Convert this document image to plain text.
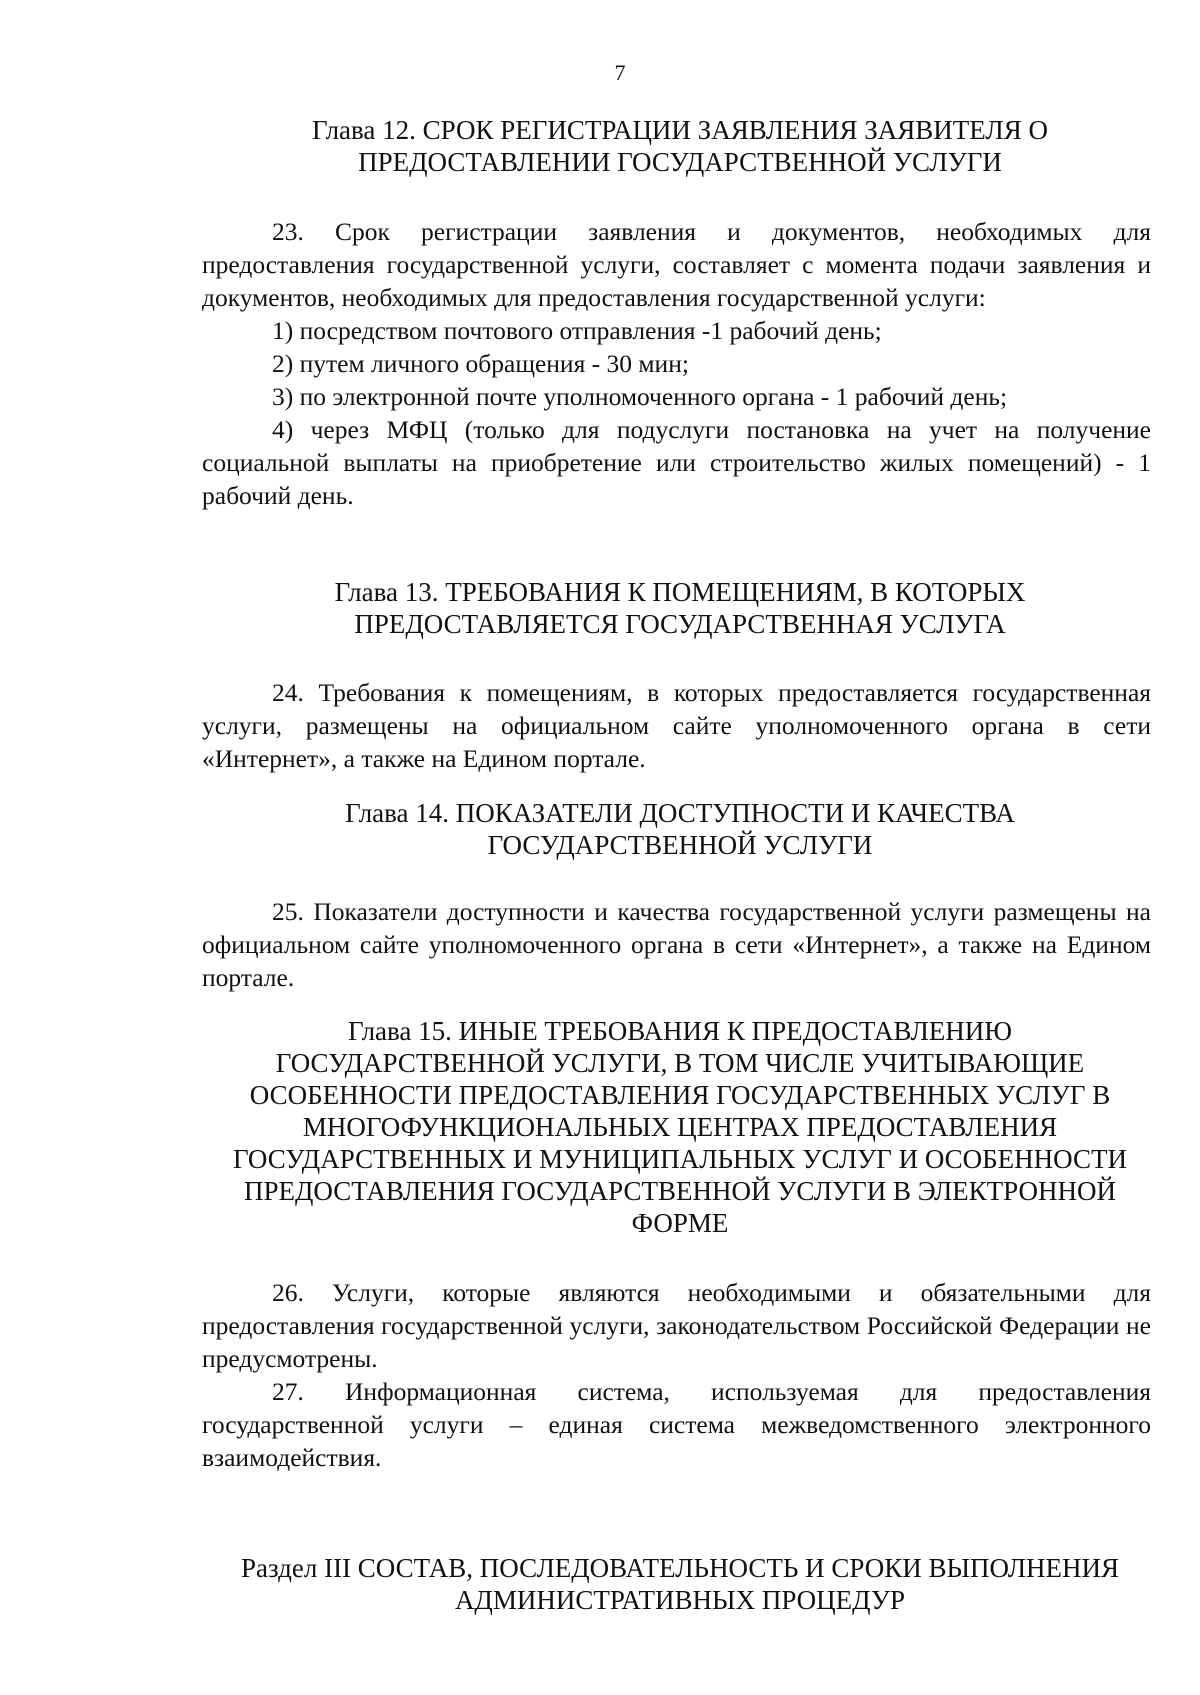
7
Глава 12. СРОК РЕГИСТРАЦИИ ЗАЯВЛЕНИЯ ЗАЯВИТЕЛЯ О
ПРЕДОСТАВЛЕНИИ ГОСУДАРСТВЕННОЙ УСЛУГИ

23. Срок регистрации заявления и документов, необходимых для предоставления государственной услуги, составляет с момента подачи заявления и документов, необходимых для предоставления государственной услуги:

1) посредством почтового отправления -1 рабочий день;

2) путем личного обращения - 30 мин;

3) по электронной почте уполномоченного органа - 1 рабочий день;

4) через МФЦ (только для подуслуги постановка на учет на получение социальной выплаты на приобретение или строительство жилых помещений) - 1 рабочий день.

Глава 13. ТРЕБОВАНИЯ К ПОМЕЩЕНИЯМ, В КОТОРЫХ
ПРЕДОСТАВЛЯЕТСЯ ГОСУДАРСТВЕННАЯ УСЛУГА

24. Требования к помещениям, в которых предоставляется государственная услуги, размещены на официальном сайте уполномоченного органа в сети «Интернет», а также на Едином портале.

Глава 14. ПОКАЗАТЕЛИ ДОСТУПНОСТИ И КАЧЕСТВА
ГОСУДАРСТВЕННОЙ УСЛУГИ

25. Показатели доступности и качества государственной услуги размещены на официальном сайте уполномоченного органа в сети «Интернет», а также на Едином портале.

Глава 15. ИНЫЕ ТРЕБОВАНИЯ К ПРЕДОСТАВЛЕНИЮ
ГОСУДАРСТВЕННОЙ УСЛУГИ, В ТОМ ЧИСЛЕ УЧИТЫВАЮЩИЕ
ОСОБЕННОСТИ ПРЕДОСТАВЛЕНИЯ ГОСУДАРСТВЕННЫХ УСЛУГ В
МНОГОФУНКЦИОНАЛЬНЫХ ЦЕНТРАХ ПРЕДОСТАВЛЕНИЯ
ГОСУДАРСТВЕННЫХ И МУНИЦИПАЛЬНЫХ УСЛУГ И ОСОБЕННОСТИ
ПРЕДОСТАВЛЕНИЯ ГОСУДАРСТВЕННОЙ УСЛУГИ В ЭЛЕКТРОННОЙ
ФОРМЕ

26. Услуги, которые являются необходимыми и обязательными для предоставления государственной услуги, законодательством Российской Федерации не предусмотрены.

27. Информационная система, используемая для предоставления государственной услуги – единая система межведомственного электронного взаимодействия.

Раздел III СОСТАВ, ПОСЛЕДОВАТЕЛЬНОСТЬ И СРОКИ ВЫПОЛНЕНИЯ
АДМИНИСТРАТИВНЫХ ПРОЦЕДУР
